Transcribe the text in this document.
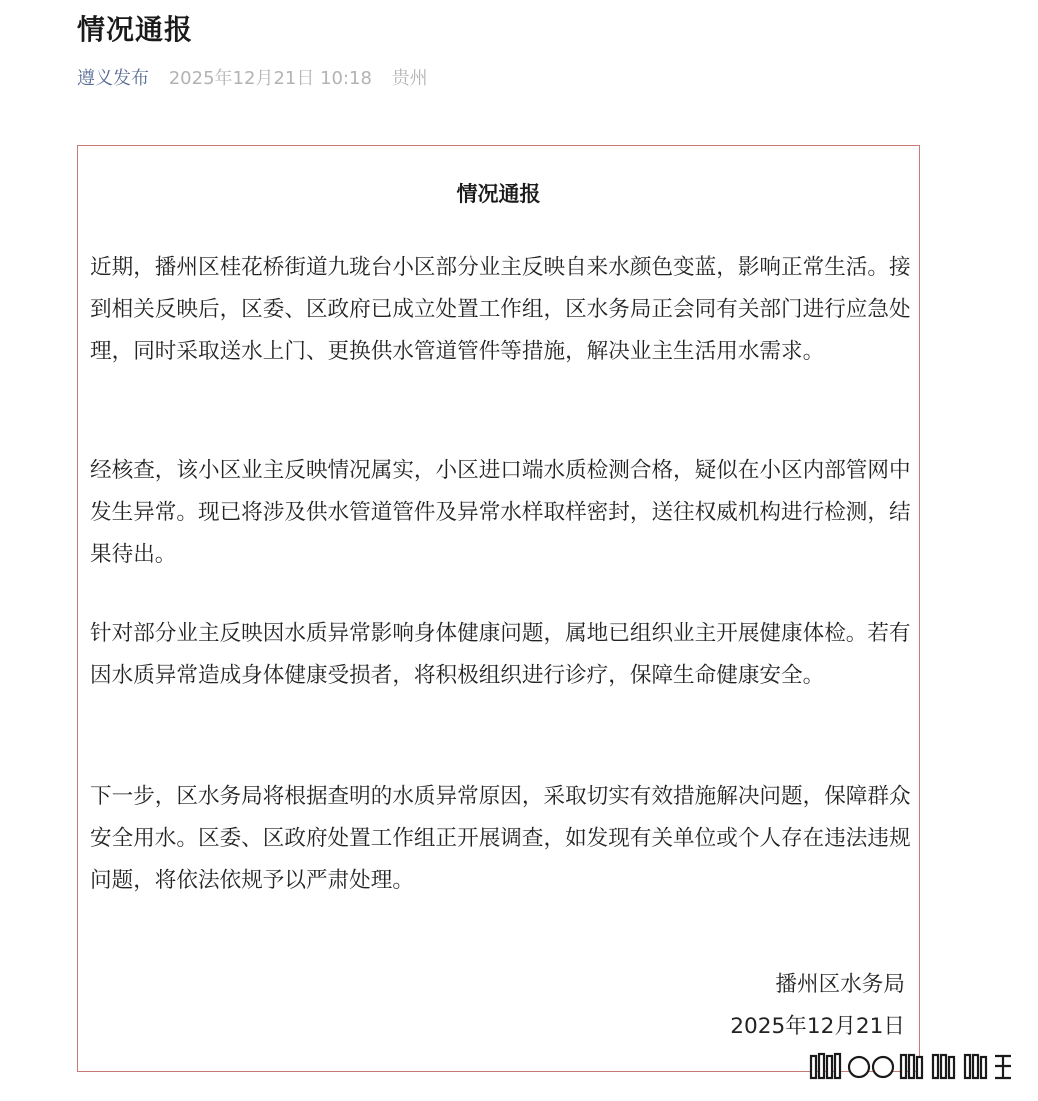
情况通报
遵义发布 2025年12月21日 10:18 贵州
情况通报

近期，播州区桂花桥街道九珑台小区部分业主反映自来水颜色变蓝，影响正常生活。接到相关反映后，区委、区政府已成立处置工作组，区水务局正会同有关部门进行应急处理，同时采取送水上门、更换供水管道管件等措施，解决业主生活用水需求。

经核查，该小区业主反映情况属实，小区进口端水质检测合格，疑似在小区内部管网中发生异常。现已将涉及供水管道管件及异常水样取样密封，送往权威机构进行检测，结果待出。

针对部分业主反映因水质异常影响身体健康问题，属地已组织业主开展健康体检。若有因水质异常造成身体健康受损者，将积极组织进行诊疗，保障生命健康安全。

下一步，区水务局将根据查明的水质异常原因，采取切实有效措施解决问题，保障群众安全用水。区委、区政府处置工作组正开展调查，如发现有关单位或个人存在违法违规问题，将依法依规予以严肃处理。

播州区水务局
2025年12月21日
